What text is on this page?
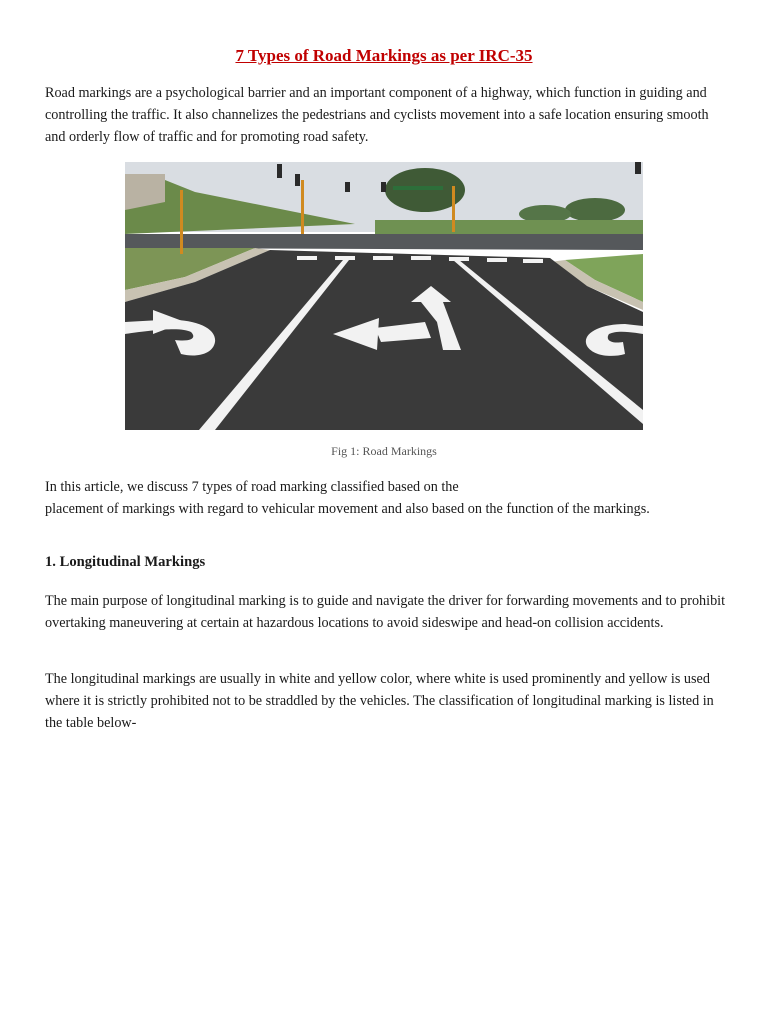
7 Types of Road Markings as per IRC-35

Road markings are a psychological barrier and an important component of a highway, which function in guiding and controlling the traffic. It also channelizes the pedestrians and cyclists movement into a safe location ensuring smooth and orderly flow of traffic and for promoting road safety.

Fig 1: Road Markings
In this article, we discuss 7 types of road marking classified based on the
placement of markings with regard to vehicular movement and also based on the function of the markings.
1. Longitudinal Markings

The main purpose of longitudinal marking is to guide and navigate the driver for forwarding movements and to prohibit overtaking maneuvering at certain at hazardous locations to avoid sideswipe and head-on collision accidents.

The longitudinal markings are usually in white and yellow color, where white is used prominently and yellow is used where it is strictly prohibited not to be straddled by the vehicles. The classification of longitudinal marking is listed in the table below-
